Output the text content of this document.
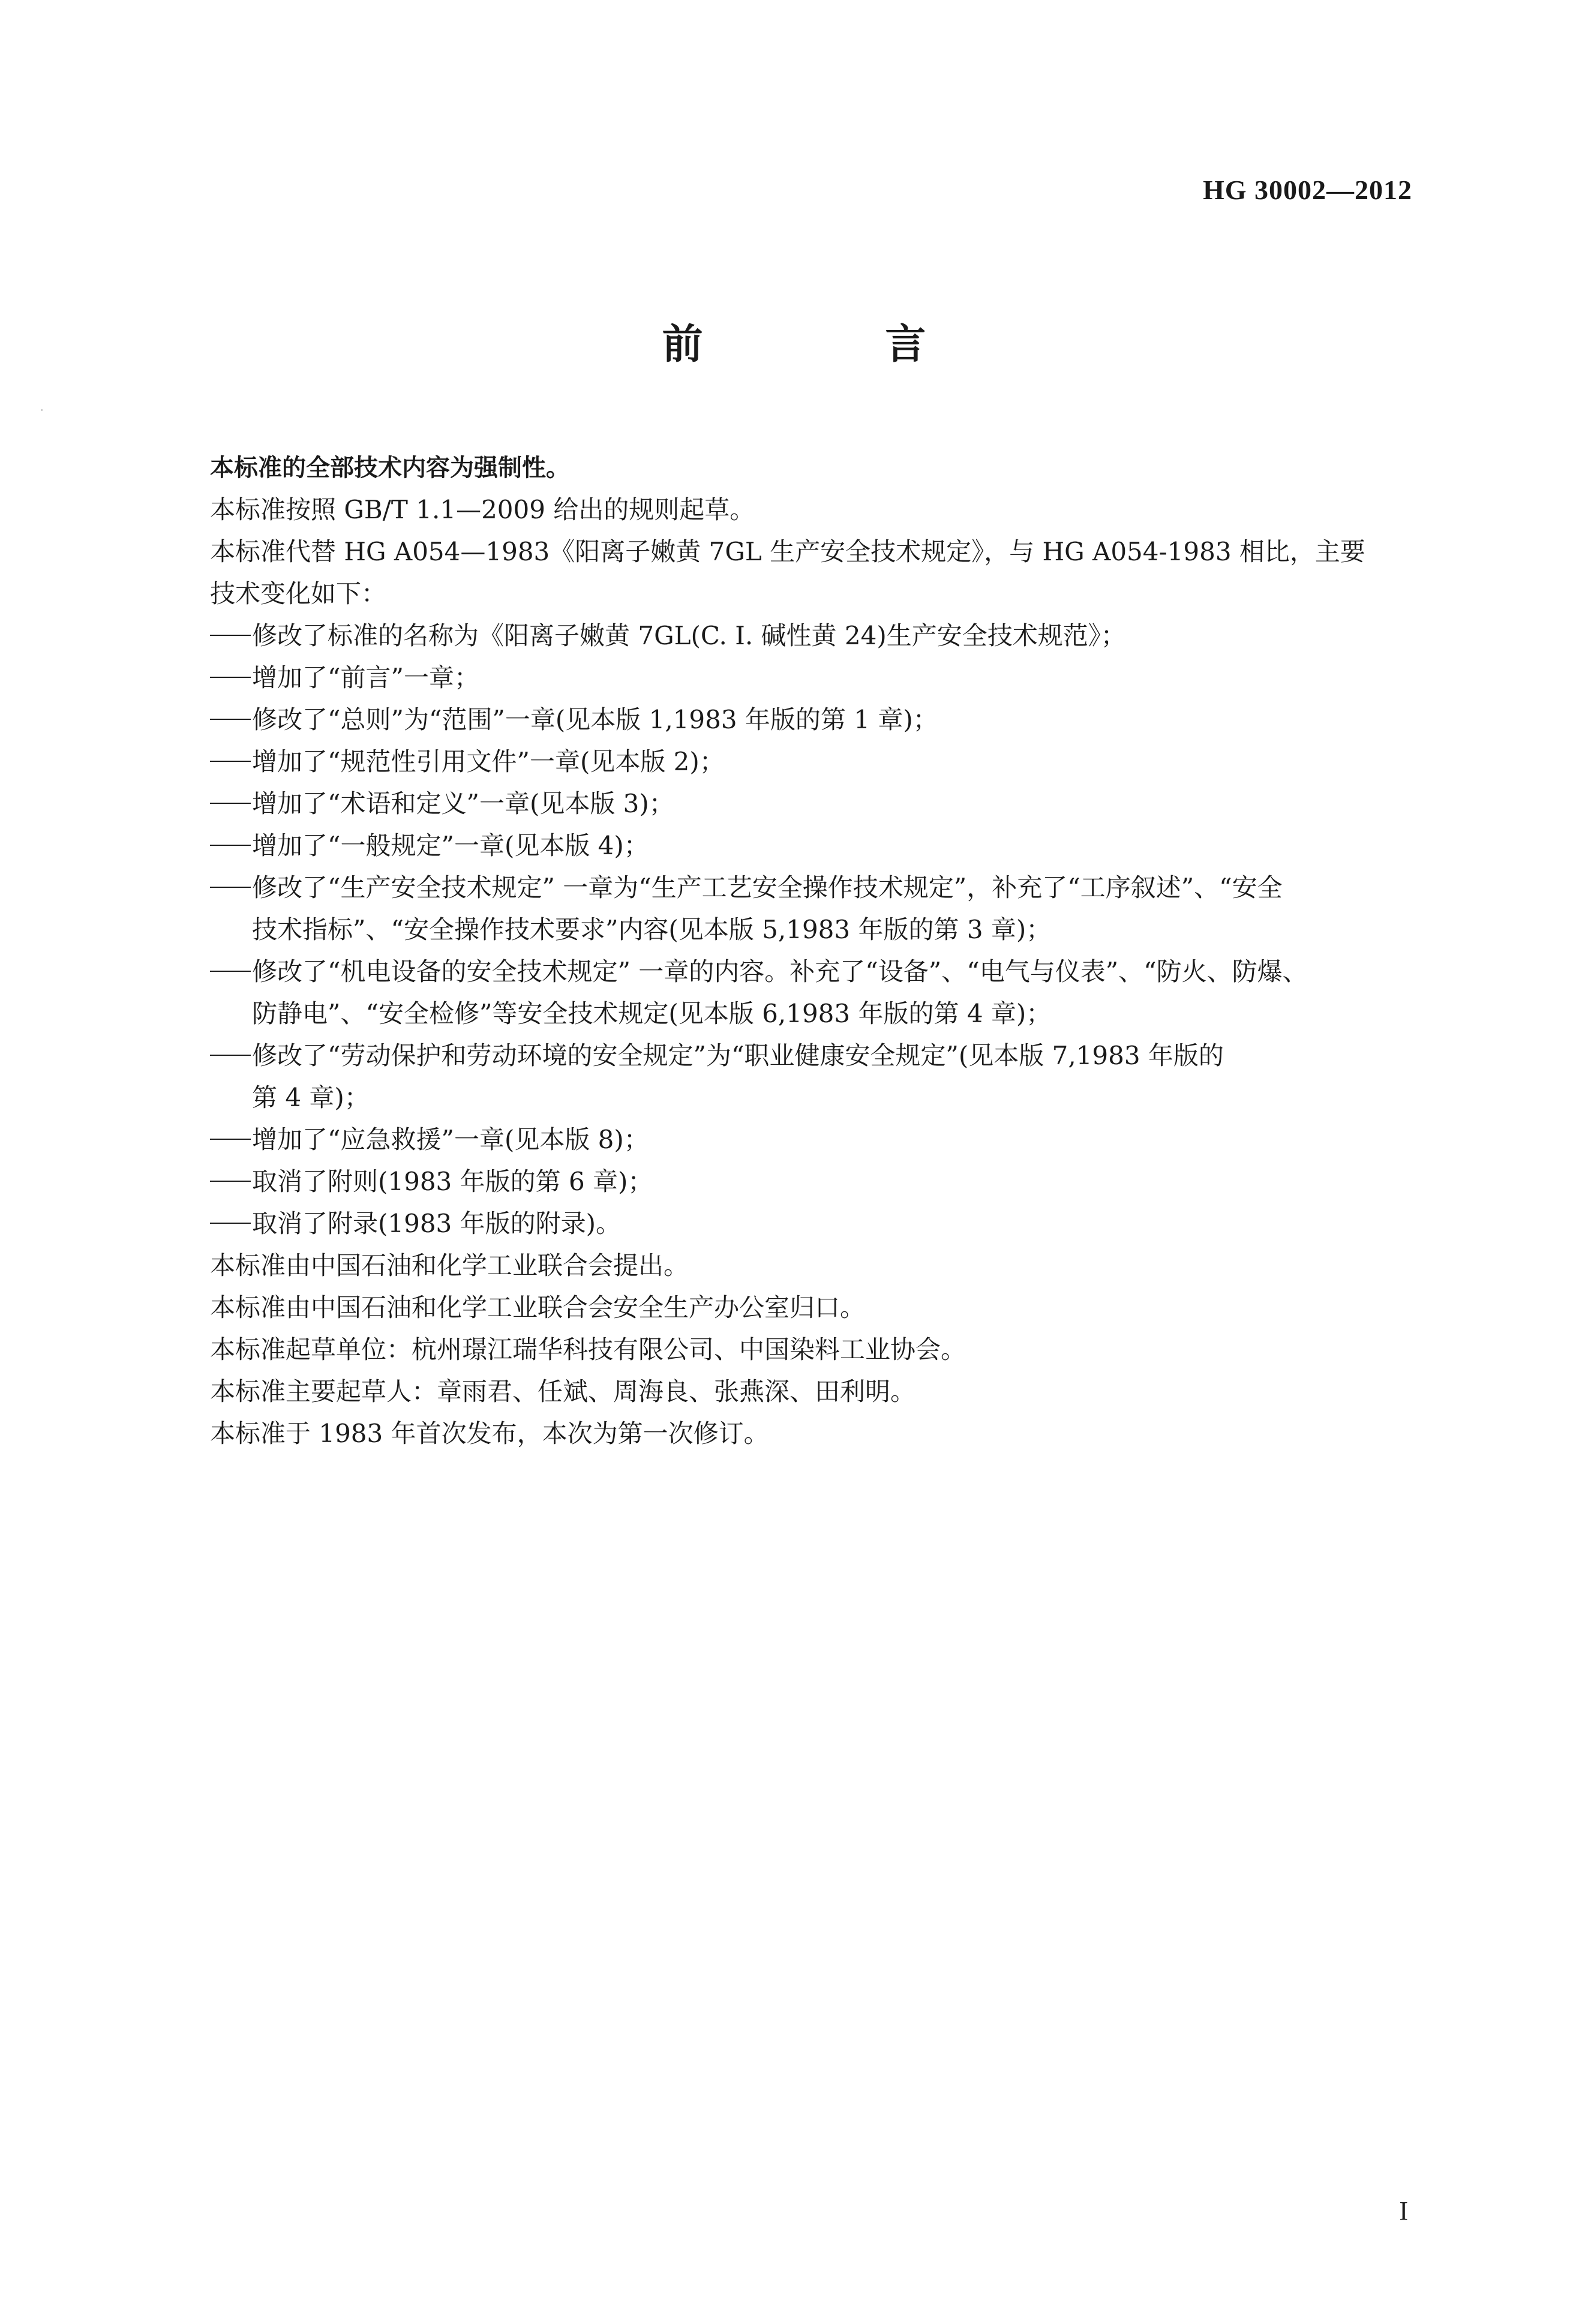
HG 30002—2012
前 言

本标准的全部技术内容为强制性。

本标准按照 GB/T 1.1—2009 给出的规则起草。

本标准代替 HG A054—1983《阳离子嫩黄 7GL 生产安全技术规定》，与 HG A054-1983 相比，主要

技术变化如下：

修改了标准的名称为《阳离子嫩黄 7GL(C. I. 碱性黄 24)生产安全技术规范》；
增加了“前言”一章；
修改了“总则”为“范围”一章(见本版 1,1983 年版的第 1 章)；
增加了“规范性引用文件”一章(见本版 2)；
增加了“术语和定义”一章(见本版 3)；
增加了“一般规定”一章(见本版 4)；
修改了“生产安全技术规定” 一章为“生产工艺安全操作技术规定”，补充了“工序叙述”、“安全
技术指标”、“安全操作技术要求”内容(见本版 5,1983 年版的第 3 章)；
修改了“机电设备的安全技术规定” 一章的内容。补充了“设备”、“电气与仪表”、“防火、防爆、
防静电”、“安全检修”等安全技术规定(见本版 6,1983 年版的第 4 章)；
修改了“劳动保护和劳动环境的安全规定”为“职业健康安全规定”(见本版 7,1983 年版的
第 4 章)；
增加了“应急救援”一章(见本版 8)；
取消了附则(1983 年版的第 6 章)；
取消了附录(1983 年版的附录)。

本标准由中国石油和化学工业联合会提出。

本标准由中国石油和化学工业联合会安全生产办公室归口。

本标准起草单位：杭州璟江瑞华科技有限公司、中国染料工业协会。

本标准主要起草人：章雨君、任斌、周海良、张燕深、田利明。

本标准于 1983 年首次发布，本次为第一次修订。

I
